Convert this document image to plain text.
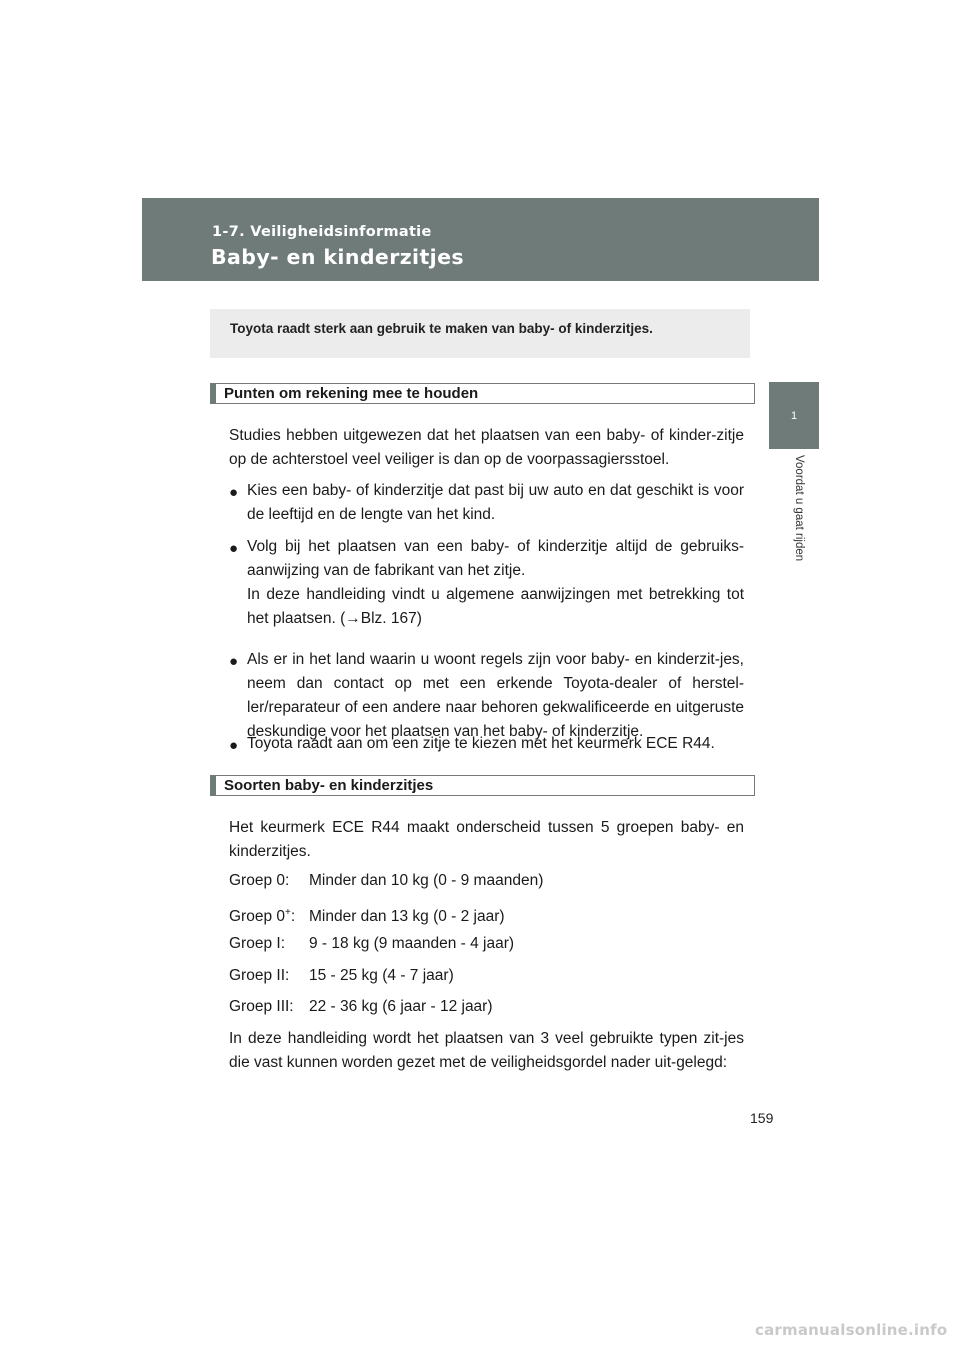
1-7. Veiligheidsinformatie
Baby- en kinderzitjes
1
Voordat u gaat rijden
Toyota raadt sterk aan gebruik te maken van baby- of kinderzitjes.
Punten om rekening mee te houden

Studies hebben uitgewezen dat het plaatsen van een baby- of kinder-zitje op de achterstoel veel veiliger is dan op de voorpassagiersstoel.

● Kies een baby- of kinderzitje dat past bij uw auto en dat geschikt is voor de leeftijd en de lengte van het kind.
● Volg bij het plaatsen van een baby- of kinderzitje altijd de gebruiks-aanwijzing van de fabrikant van het zitje.
In deze handleiding vindt u algemene aanwijzingen met betrekking tot het plaatsen. (→Blz. 167)
● Als er in het land waarin u woont regels zijn voor baby- en kinderzit-jes, neem dan contact op met een erkende Toyota-dealer of herstel-ler/reparateur of een andere naar behoren gekwalificeerde en uitgeruste deskundige voor het plaatsen van het baby- of kinderzitje.
● Toyota raadt aan om een zitje te kiezen met het keurmerk ECE R44.
Soorten baby- en kinderzitjes

Het keurmerk ECE R44 maakt onderscheid tussen 5 groepen baby- en kinderzitjes.

Groep 0: Minder dan 10 kg (0 - 9 maanden)
Groep 0+: Minder dan 13 kg (0 - 2 jaar)
Groep I: 9 - 18 kg (9 maanden - 4 jaar)
Groep II: 15 - 25 kg (4 - 7 jaar)
Groep III: 22 - 36 kg (6 jaar - 12 jaar)

In deze handleiding wordt het plaatsen van 3 veel gebruikte typen zit-jes die vast kunnen worden gezet met de veiligheidsgordel nader uit-gelegd:

159
carmanualsonline.info
